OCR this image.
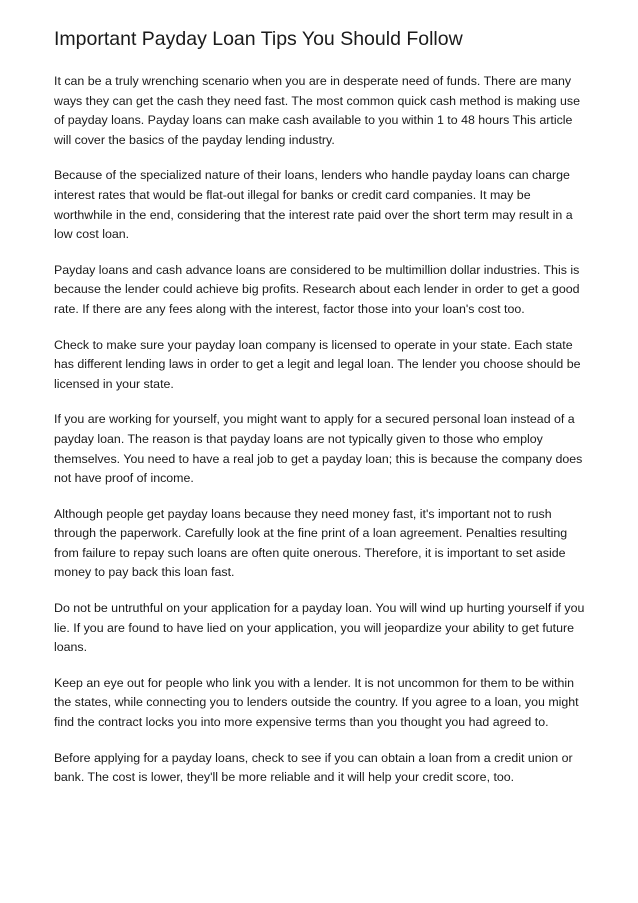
Important Payday Loan Tips You Should Follow

It can be a truly wrenching scenario when you are in desperate need of funds. There are many ways they can get the cash they need fast. The most common quick cash method is making use of payday loans. Payday loans can make cash available to you within 1 to 48 hours This article will cover the basics of the payday lending industry.

Because of the specialized nature of their loans, lenders who handle payday loans can charge interest rates that would be flat-out illegal for banks or credit card companies. It may be worthwhile in the end, considering that the interest rate paid over the short term may result in a low cost loan.

Payday loans and cash advance loans are considered to be multimillion dollar industries. This is because the lender could achieve big profits. Research about each lender in order to get a good rate. If there are any fees along with the interest, factor those into your loan's cost too.

Check to make sure your payday loan company is licensed to operate in your state. Each state has different lending laws in order to get a legit and legal loan. The lender you choose should be licensed in your state.

If you are working for yourself, you might want to apply for a secured personal loan instead of a payday loan. The reason is that payday loans are not typically given to those who employ themselves. You need to have a real job to get a payday loan; this is because the company does not have proof of income.

Although people get payday loans because they need money fast, it's important not to rush through the paperwork. Carefully look at the fine print of a loan agreement. Penalties resulting from failure to repay such loans are often quite onerous. Therefore, it is important to set aside money to pay back this loan fast.

Do not be untruthful on your application for a payday loan. You will wind up hurting yourself if you lie. If you are found to have lied on your application, you will jeopardize your ability to get future loans.

Keep an eye out for people who link you with a lender. It is not uncommon for them to be within the states, while connecting you to lenders outside the country. If you agree to a loan, you might find the contract locks you into more expensive terms than you thought you had agreed to.

Before applying for a payday loans, check to see if you can obtain a loan from a credit union or bank. The cost is lower, they'll be more reliable and it will help your credit score, too.
